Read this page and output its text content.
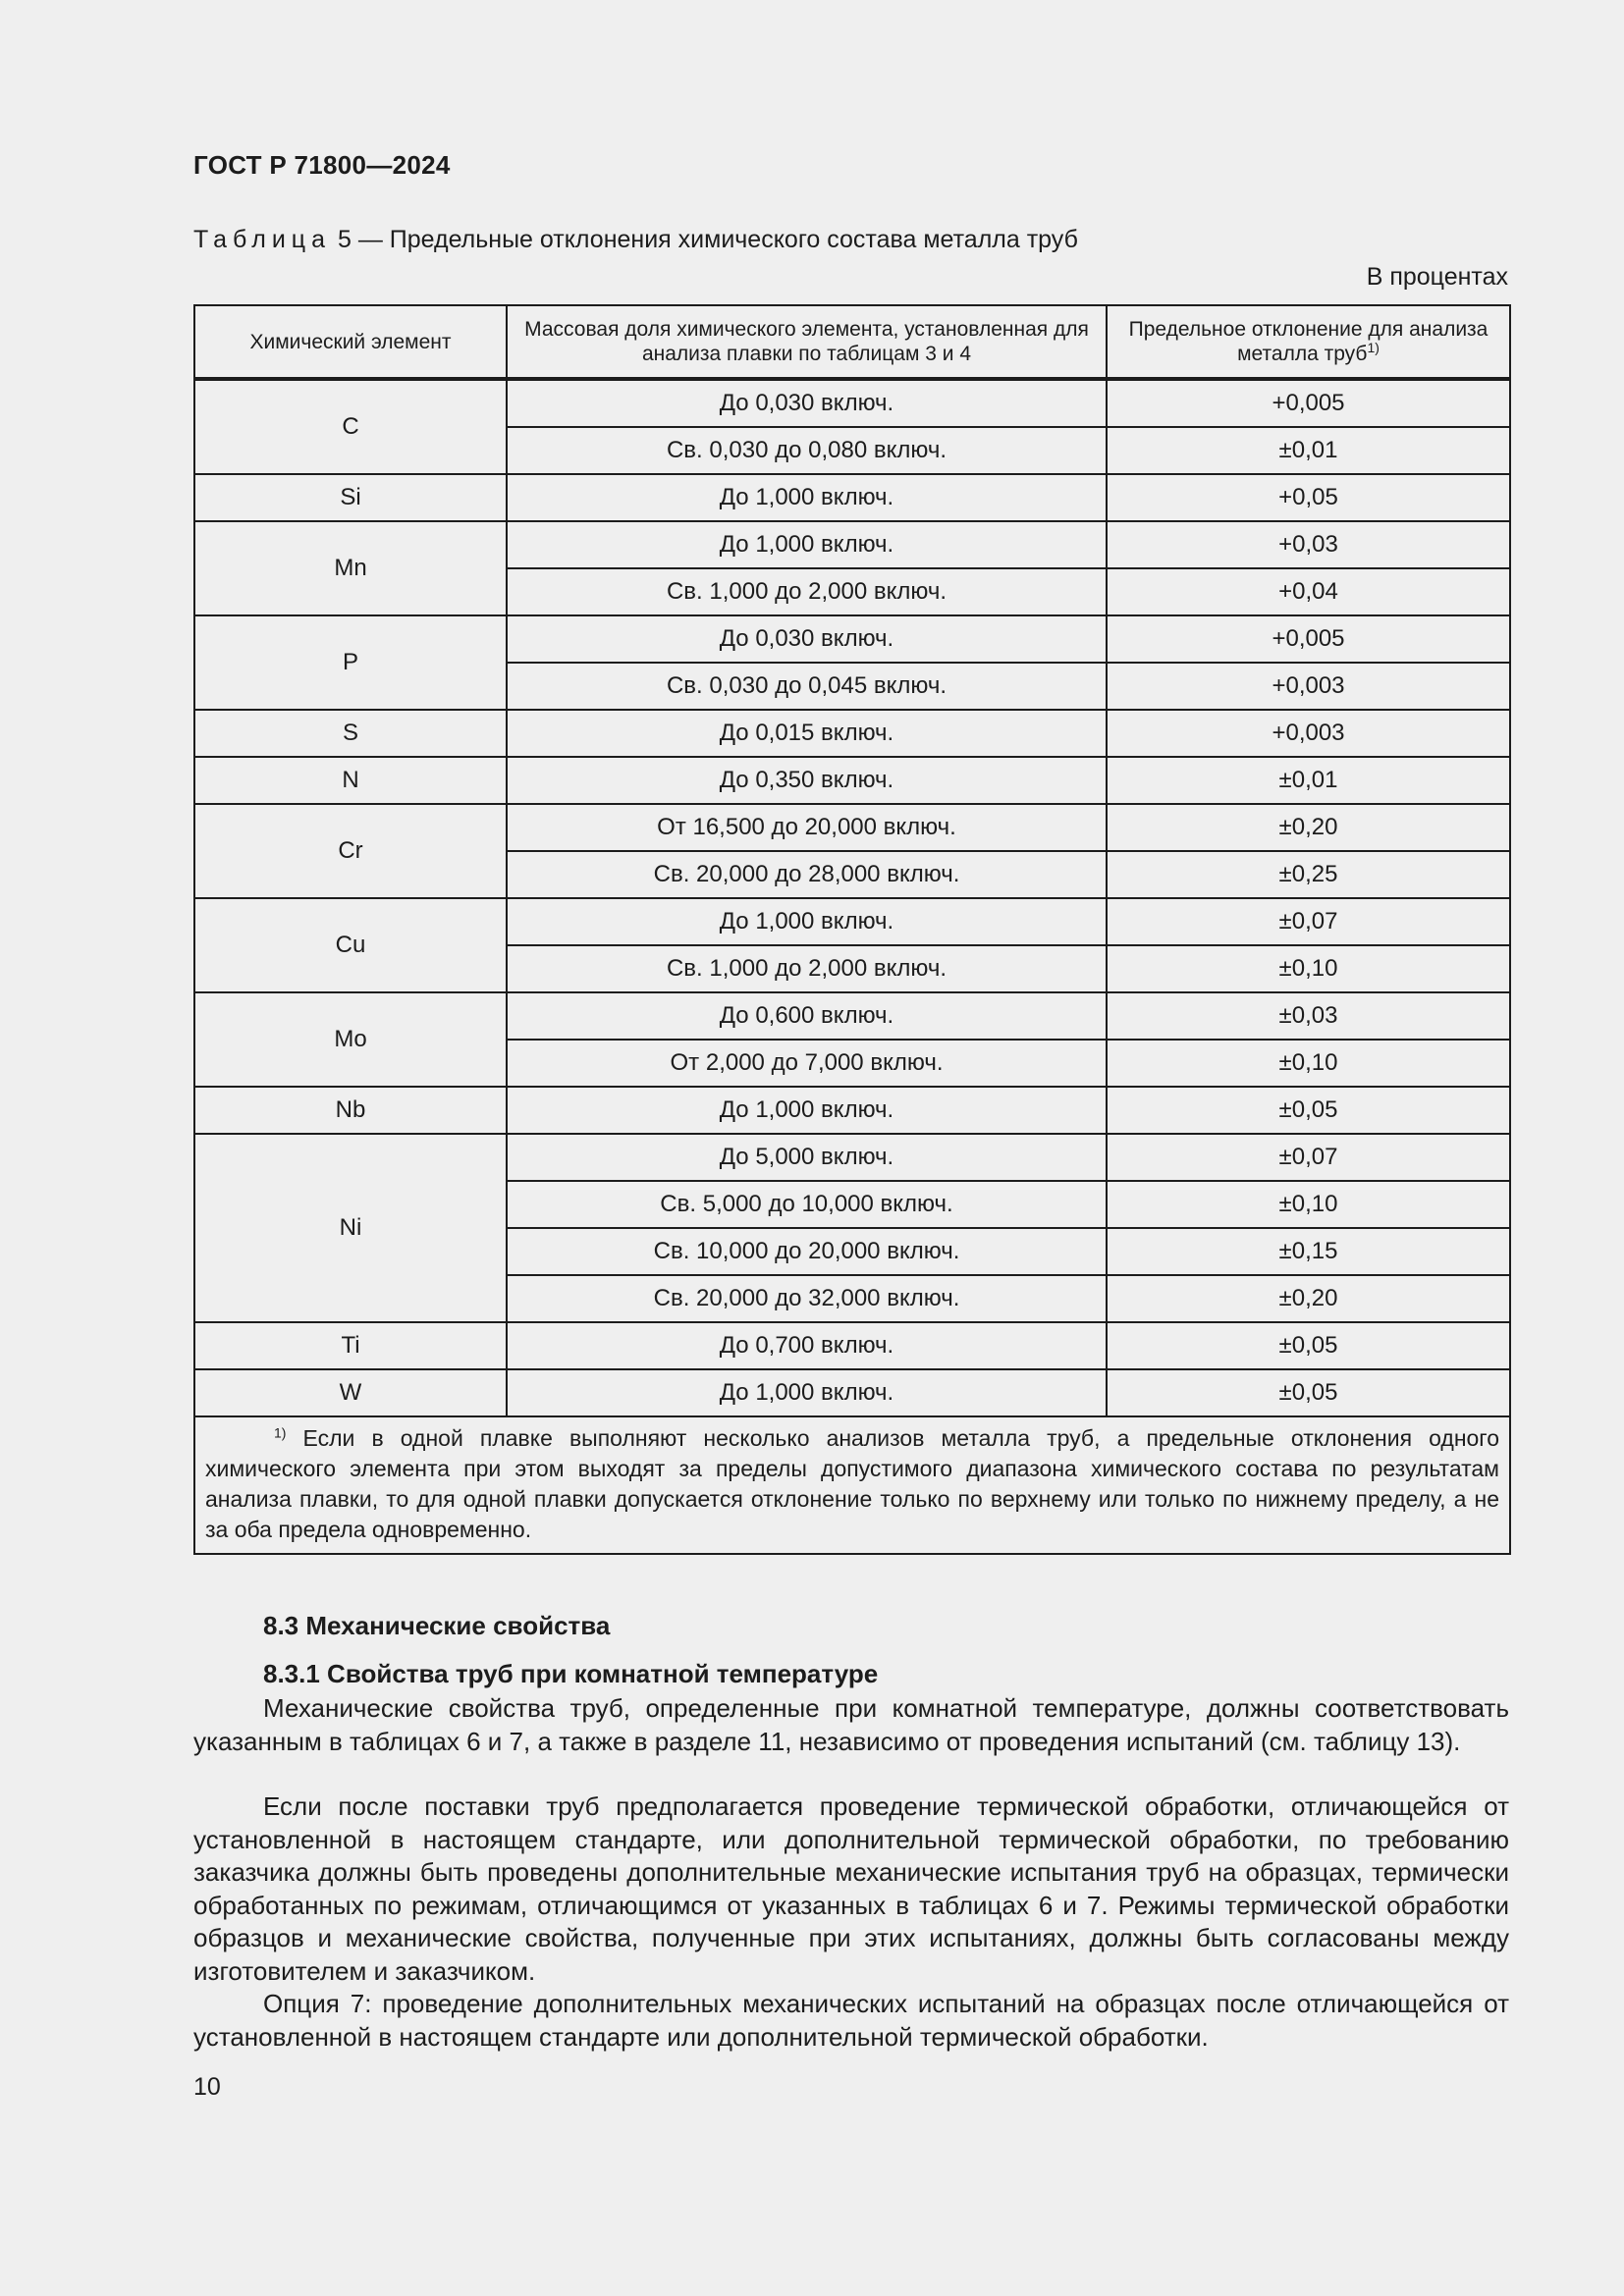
ГОСТ Р 71800—2024
Таблица 5 — Предельные отклонения химического состава металла труб
В процентах
Химический элемент	Массовая доля химического элемента, установленная для анализа плавки по таблицам 3 и 4	Предельное отклонение для анализа металла труб$^{1)}$
C	До 0,030 включ.	+0,005
	Св. 0,030 до 0,080 включ.	±0,01
Si	До 1,000 включ.	+0,05
Mn	До 1,000 включ.	+0,03
	Св. 1,000 до 2,000 включ.	+0,04
P	До 0,030 включ.	+0,005
	Св. 0,030 до 0,045 включ.	+0,003
S	До 0,015 включ.	+0,003
N	До 0,350 включ.	±0,01
Cr	От 16,500 до 20,000 включ.	±0,20
	Св. 20,000 до 28,000 включ.	±0,25
Cu	До 1,000 включ.	±0,07
	Св. 1,000 до 2,000 включ.	±0,10
Mo	До 0,600 включ.	±0,03
	От 2,000 до 7,000 включ.	±0,10
Nb	До 1,000 включ.	±0,05
Ni	До 5,000 включ.	±0,07
	Св. 5,000 до 10,000 включ.	±0,10
	Св. 10,000 до 20,000 включ.	±0,15
	Св. 20,000 до 32,000 включ.	±0,20
Ti	До 0,700 включ.	±0,05
W	До 1,000 включ.	±0,05
$^{1)}$ Если в одной плавке выполняют несколько анализов металла труб, а предельные отклонения одного химического элемента при этом выходят за пределы допустимого диапазона химического состава по результатам анализа плавки, то для одной плавки допускается отклонение только по верхнему или только по нижнему пределу, а не за оба предела одновременно.		
8.3 Механические свойства
8.3.1 Свойства труб при комнатной температуре

Механические свойства труб, определенные при комнатной температуре, должны соответствовать указанным в таблицах 6 и 7, а также в разделе 11, независимо от проведения испытаний (см. таблицу 13).

Если после поставки труб предполагается проведение термической обработки, отличающейся от установленной в настоящем стандарте, или дополнительной термической обработки, по требованию заказчика должны быть проведены дополнительные механические испытания труб на образцах, термически обработанных по режимам, отличающимся от указанных в таблицах 6 и 7. Режимы термической обработки образцов и механические свойства, полученные при этих испытаниях, должны быть согласованы между изготовителем и заказчиком.

Опция 7: проведение дополнительных механических испытаний на образцах после отличающейся от установленной в настоящем стандарте или дополнительной термической обработки.

10
